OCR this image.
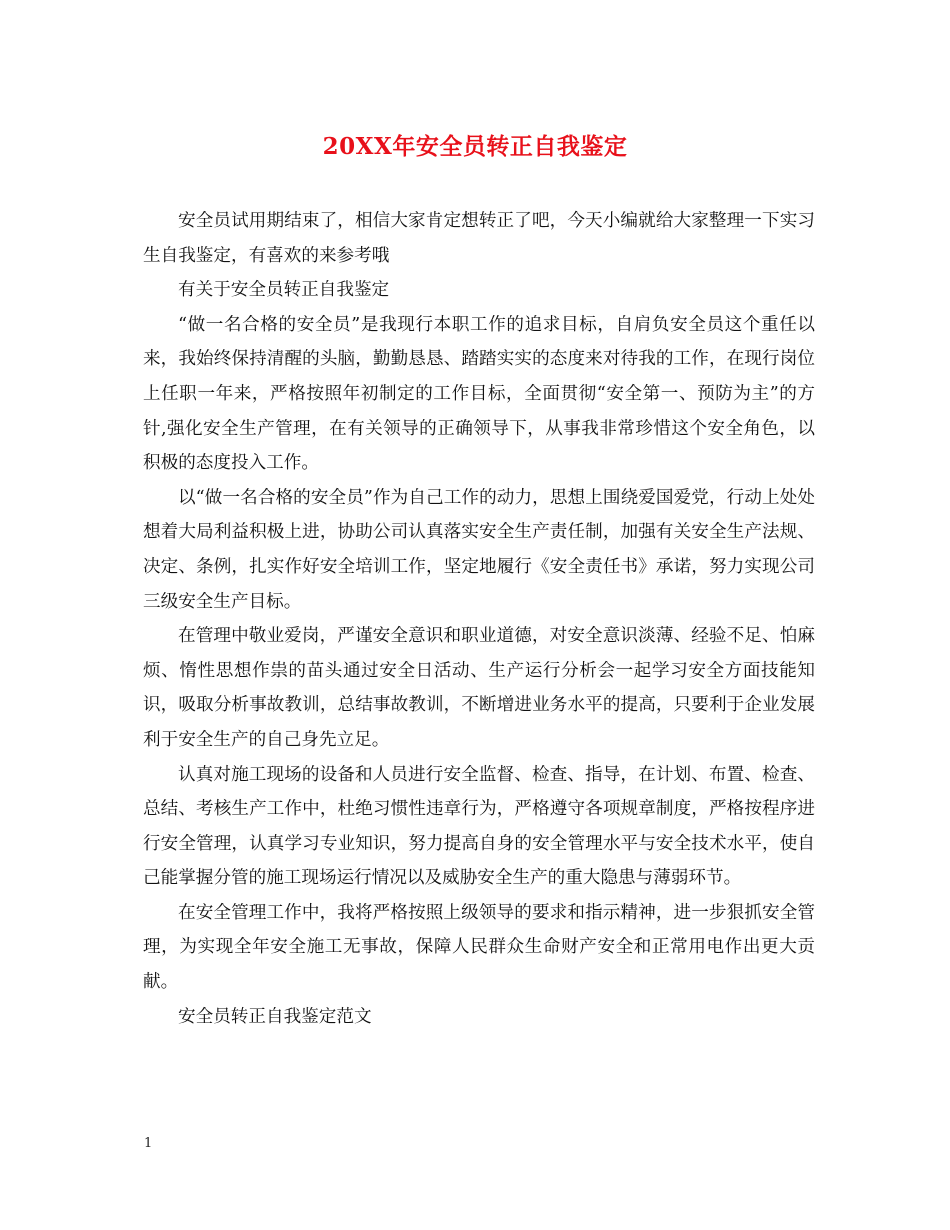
20XX年安全员转正自我鉴定

安全员试用期结束了，相信大家肯定想转正了吧，今天小编就给大家整理一下实习生自我鉴定，有喜欢的来参考哦

有关于安全员转正自我鉴定

“做一名合格的安全员”是我现行本职工作的追求目标，自肩负安全员这个重任以来，我始终保持清醒的头脑，勤勤恳恳、踏踏实实的态度来对待我的工作，在现行岗位上任职一年来，严格按照年初制定的工作目标，全面贯彻“安全第一、预防为主”的方针,强化安全生产管理，在有关领导的正确领导下，从事我非常珍惜这个安全角色，以积极的态度投入工作。

以“做一名合格的安全员”作为自己工作的动力，思想上围绕爱国爱党，行动上处处想着大局利益积极上进，协助公司认真落实安全生产责任制，加强有关安全生产法规、决定、条例，扎实作好安全培训工作，坚定地履行《安全责任书》承诺，努力实现公司三级安全生产目标。

在管理中敬业爱岗，严谨安全意识和职业道德，对安全意识淡薄、经验不足、怕麻烦、惰性思想作祟的苗头通过安全日活动、生产运行分析会一起学习安全方面技能知识，吸取分析事故教训，总结事故教训，不断增进业务水平的提高，只要利于企业发展利于安全生产的自己身先立足。

认真对施工现场的设备和人员进行安全监督、检查、指导，在计划、布置、检查、总结、考核生产工作中，杜绝习惯性违章行为，严格遵守各项规章制度，严格按程序进行安全管理，认真学习专业知识，努力提高自身的安全管理水平与安全技术水平，使自己能掌握分管的施工现场运行情况以及威胁安全生产的重大隐患与薄弱环节。

在安全管理工作中，我将严格按照上级领导的要求和指示精神，进一步狠抓安全管理，为实现全年安全施工无事故，保障人民群众生命财产安全和正常用电作出更大贡献。

安全员转正自我鉴定范文

1
